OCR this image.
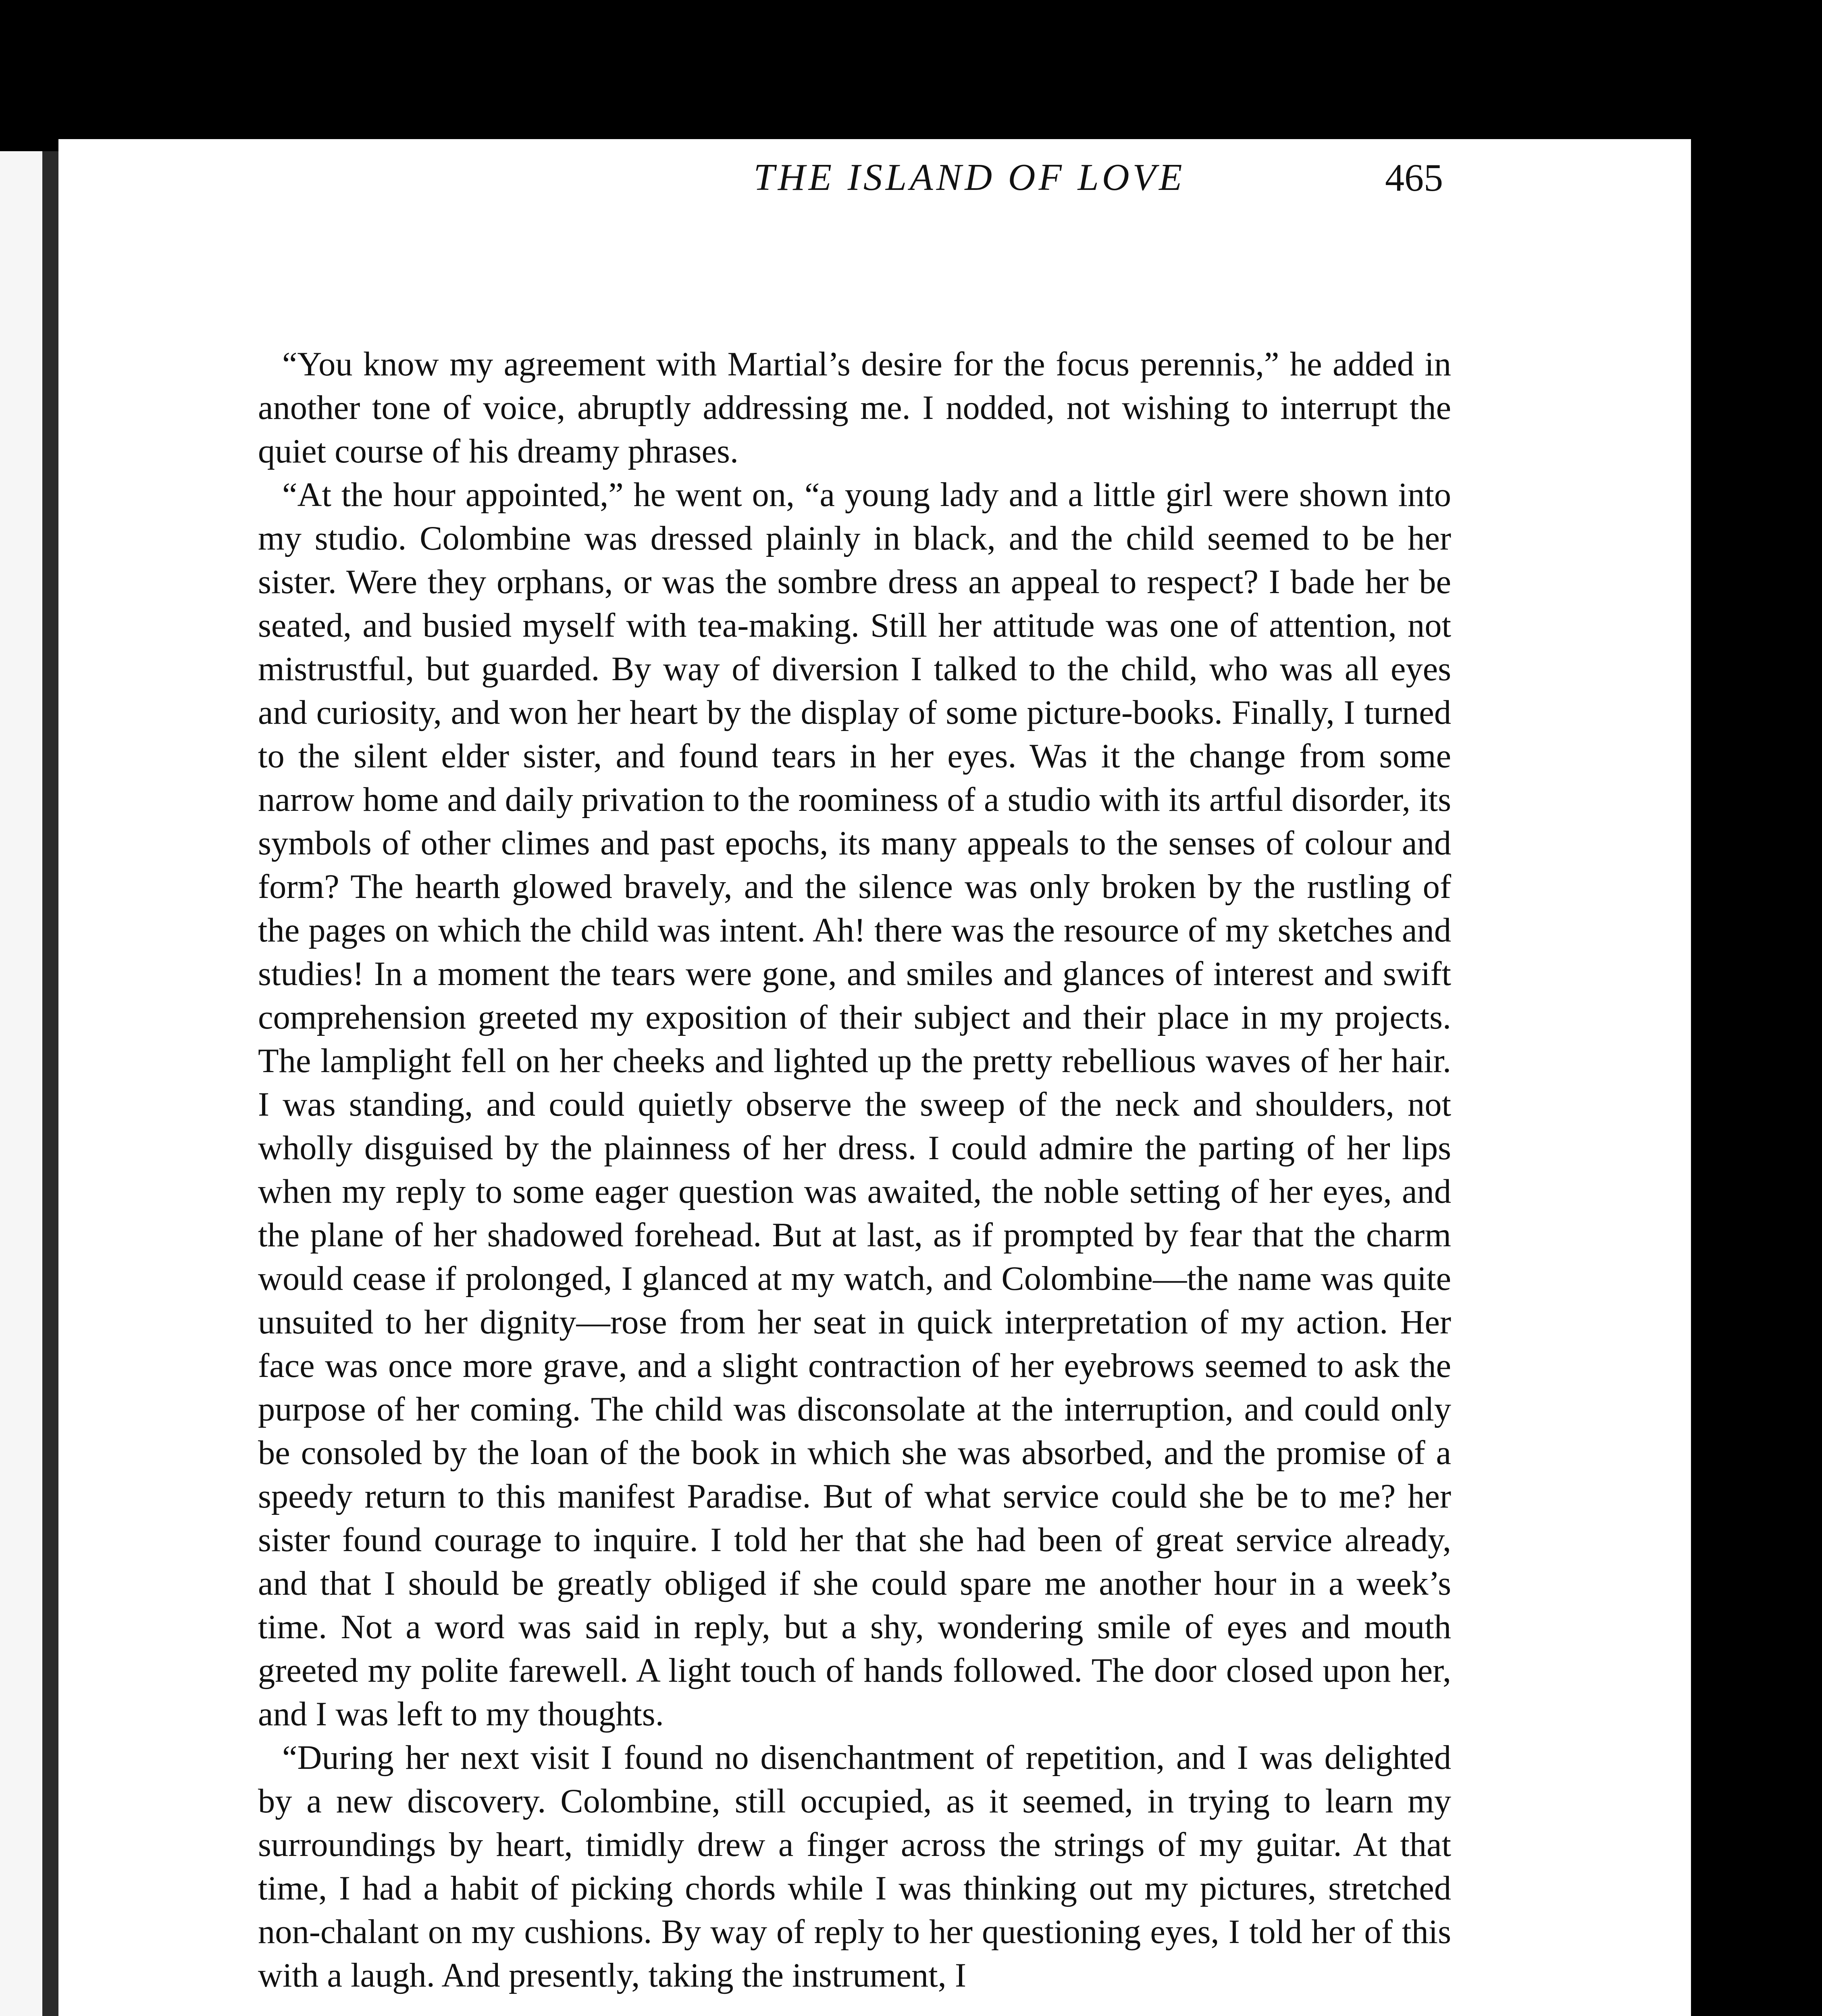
THE ISLAND OF LOVE	465

“You know my agreement with Martial’s desire for the focus perennis,” he added in another tone of voice, abruptly addressing me. I nodded, not wishing to interrupt the quiet course of his dreamy phrases.

“At the hour appointed,” he went on, “a young lady and a little girl were shown into my studio. Colombine was dressed plainly in black, and the child seemed to be her sister. Were they orphans, or was the sombre dress an appeal to respect? I bade her be seated, and busied myself with tea-making. Still her attitude was one of attention, not mistrustful, but guarded. By way of diversion I talked to the child, who was all eyes and curiosity, and won her heart by the display of some picture-books. Finally, I turned to the silent elder sister, and found tears in her eyes. Was it the change from some narrow home and daily privation to the roominess of a studio with its artful disorder, its symbols of other climes and past epochs, its many appeals to the senses of colour and form? The hearth glowed bravely, and the silence was only broken by the rustling of the pages on which the child was intent. Ah! there was the resource of my sketches and studies! In a moment the tears were gone, and smiles and glances of interest and swift comprehension greeted my exposition of their subject and their place in my projects. The lamplight fell on her cheeks and lighted up the pretty rebellious waves of her hair. I was standing, and could quietly observe the sweep of the neck and shoulders, not wholly disguised by the plainness of her dress. I could admire the parting of her lips when my reply to some eager question was awaited, the noble setting of her eyes, and the plane of her shadowed forehead. But at last, as if prompted by fear that the charm would cease if prolonged, I glanced at my watch, and Colombine—the name was quite unsuited to her dignity—rose from her seat in quick interpretation of my action. Her face was once more grave, and a slight contraction of her eyebrows seemed to ask the purpose of her coming. The child was disconsolate at the interruption, and could only be consoled by the loan of the book in which she was absorbed, and the promise of a speedy return to this manifest Paradise. But of what service could she be to me? her sister found courage to inquire. I told her that she had been of great service already, and that I should be greatly obliged if she could spare me another hour in a week’s time. Not a word was said in reply, but a shy, wondering smile of eyes and mouth greeted my polite farewell. A light touch of hands followed. The door closed upon her, and I was left to my thoughts.

“During her next visit I found no disenchantment of repetition, and I was delighted by a new discovery. Colombine, still occupied, as it seemed, in trying to learn my surroundings by heart, timidly drew a finger across the strings of my guitar. At that time, I had a habit of picking chords while I was thinking out my pictures, stretched non-chalant on my cushions. By way of reply to her questioning eyes, I told her of this with a laugh. And presently, taking the instrument, I
